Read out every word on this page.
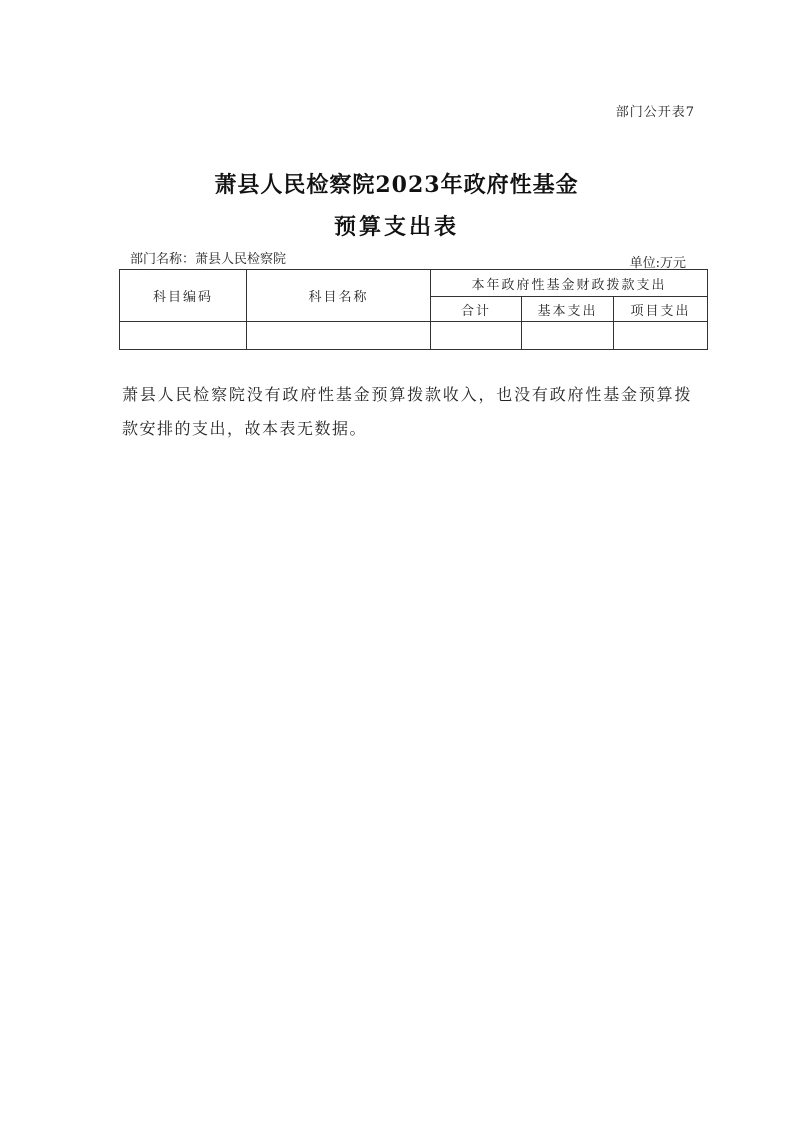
部门公开表7
萧县人民检察院2023年政府性基金
预算支出表
部门名称：萧县人民检察院	单位:万元
科目编码	科目名称	本年政府性基金财政拨款支出		
		合计	基本支出	项目支出

萧县人民检察院没有政府性基金预算拨款收入，也没有政府性基金预算拨款安排的支出，故本表无数据。
